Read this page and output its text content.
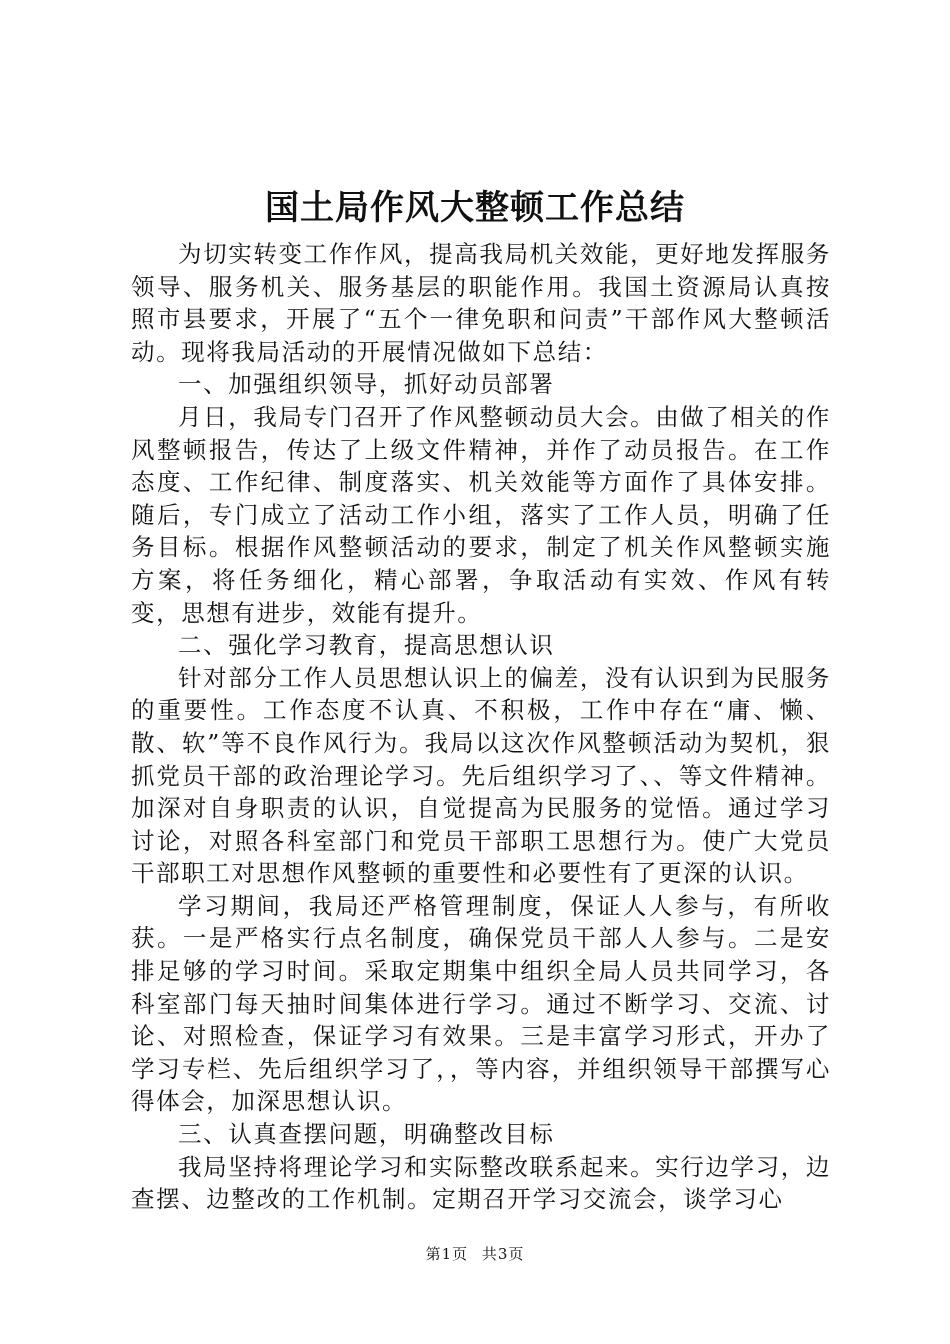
国土局作风大整顿工作总结

为切实转变工作作风，提高我局机关效能，更好地发挥服务领导、服务机关、服务基层的职能作用。我国土资源局认真按照市县要求，开展了“五个一律免职和问责”干部作风大整顿活动。现将我局活动的开展情况做如下总结：

一、加强组织领导，抓好动员部署

月日，我局专门召开了作风整顿动员大会。由做了相关的作风整顿报告，传达了上级文件精神，并作了动员报告。在工作态度、工作纪律、制度落实、机关效能等方面作了具体安排。随后，专门成立了活动工作小组，落实了工作人员，明确了任务目标。根据作风整顿活动的要求，制定了机关作风整顿实施方案，将任务细化，精心部署，争取活动有实效、作风有转变，思想有进步，效能有提升。

二、强化学习教育，提高思想认识

针对部分工作人员思想认识上的偏差，没有认识到为民服务的重要性。工作态度不认真、不积极，工作中存在“庸、懒、散、软”等不良作风行为。我局以这次作风整顿活动为契机，狠抓党员干部的政治理论学习。先后组织学习了、、等文件精神。加深对自身职责的认识，自觉提高为民服务的觉悟。通过学习讨论，对照各科室部门和党员干部职工思想行为。使广大党员干部职工对思想作风整顿的重要性和必要性有了更深的认识。

学习期间，我局还严格管理制度，保证人人参与，有所收获。一是严格实行点名制度，确保党员干部人人参与。二是安排足够的学习时间。采取定期集中组织全局人员共同学习，各科室部门每天抽时间集体进行学习。通过不断学习、交流、讨论、对照检查，保证学习有效果。三是丰富学习形式，开办了学习专栏、先后组织学习了，，等内容，并组织领导干部撰写心得体会，加深思想认识。

三、认真查摆问题，明确整改目标

我局坚持将理论学习和实际整改联系起来。实行边学习，边查摆、边整改的工作机制。定期召开学习交流会，谈学习心

第1页 共3页
